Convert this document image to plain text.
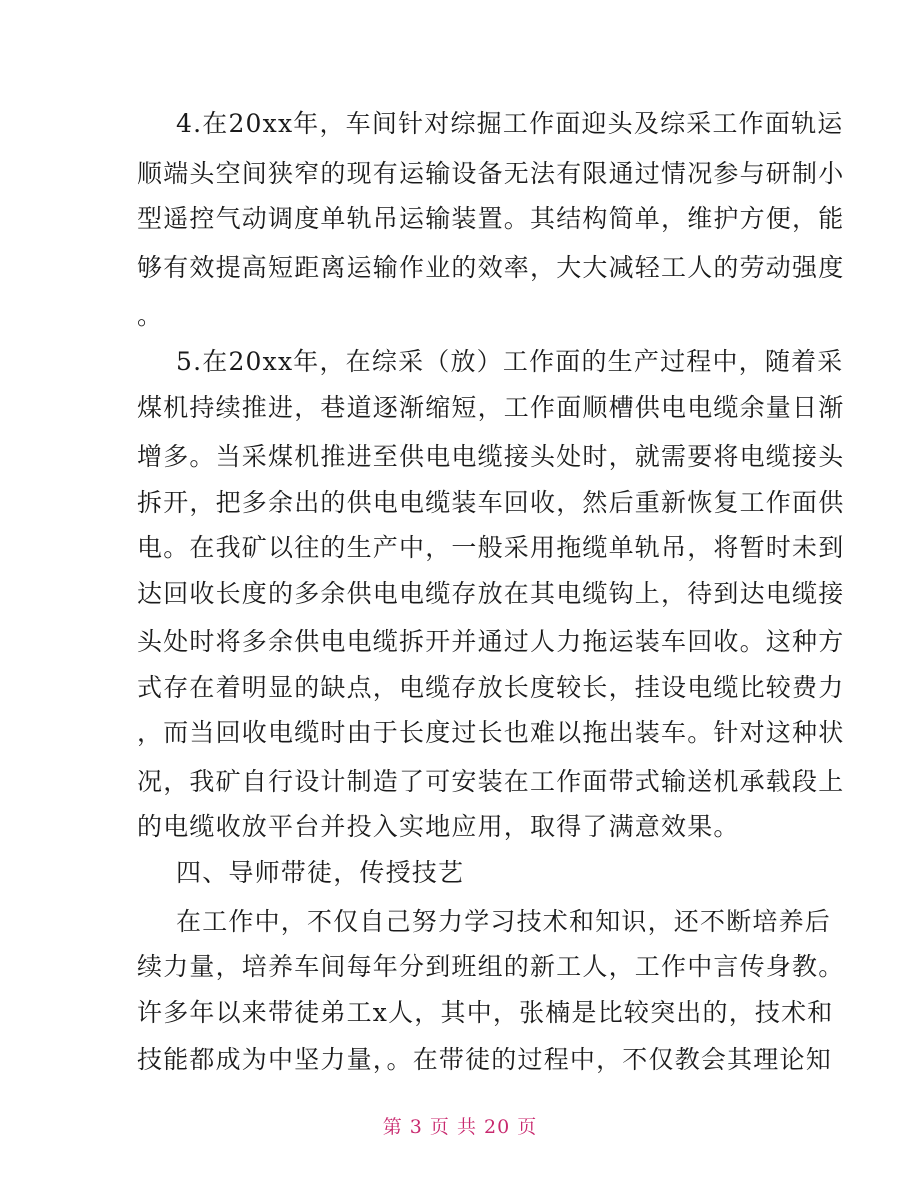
4.在20xx年，车间针对综掘工作面迎头及综采工作面轨运
顺端头空间狭窄的现有运输设备无法有限通过情况参与研制小
型遥控气动调度单轨吊运输装置。其结构简单，维护方便，能
够有效提高短距离运输作业的效率，大大减轻工人的劳动强度
。
5.在20xx年，在综采（放）工作面的生产过程中，随着采
煤机持续推进，巷道逐渐缩短，工作面顺槽供电电缆余量日渐
增多。当采煤机推进至供电电缆接头处时，就需要将电缆接头
拆开，把多余出的供电电缆装车回收，然后重新恢复工作面供
电。在我矿以往的生产中，一般采用拖缆单轨吊，将暂时未到
达回收长度的多余供电电缆存放在其电缆钩上，待到达电缆接
头处时将多余供电电缆拆开并通过人力拖运装车回收。这种方
式存在着明显的缺点，电缆存放长度较长，挂设电缆比较费力
，而当回收电缆时由于长度过长也难以拖出装车。针对这种状
况，我矿自行设计制造了可安装在工作面带式输送机承载段上
的电缆收放平台并投入实地应用，取得了满意效果。
四、导师带徒，传授技艺
在工作中，不仅自己努力学习技术和知识，还不断培养后
续力量，培养车间每年分到班组的新工人，工作中言传身教。
许多年以来带徒弟工x人，其中，张楠是比较突出的，技术和
技能都成为中坚力量，。在带徒的过程中，不仅教会其理论知
第 3 页 共 20 页
